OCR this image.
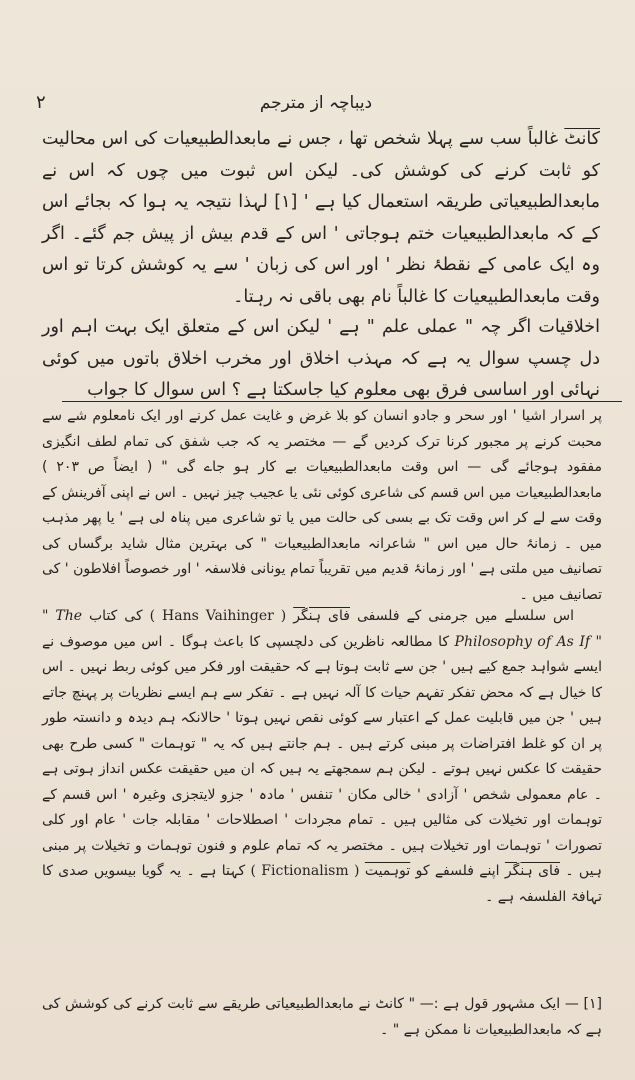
۲	دیباچہ از مترجم
کانٹ غالباً سب سے پہلا شخص تھا ، جس نے مابعدالطبیعیات کی اس محالیت کو ثابت کرنے کی کوشش کی۔ لیکن اس ثبوت میں چوں کہ اس نے مابعدالطبیعیاتی طریقہ استعمال کیا ہے ' [۱] لہذا نتیجہ یہ ہوا کہ بجائے اس کے کہ مابعدالطبیعیات ختم ہوجاتی ' اس کے قدم بیش از پیش جم گئے۔ اگر وہ ایک عامی کے نقطۂ نظر ' اور اس کی زبان ' سے یہ کوشش کرتا تو اس وقت مابعدالطبیعیات کا غالباً نام بھی باقی نہ رہتا۔
اخلاقیات اگر چہ " عملی علم " ہے ' لیکن اس کے متعلق ایک بہت اہم اور دل چسپ سوال یہ ہے کہ مہذب اخلاق اور مخرب اخلاق باتوں میں کوئی نہائی اور اساسی فرق بھی معلوم کیا جاسکتا ہے ؟ اس سوال کا جواب
پر اسرار اشیا ' اور سحر و جادو انسان کو بلا غرض و غایت عمل کرنے اور ایک نامعلوم شے سے محبت کرنے پر مجبور کرنا ترک کردیں گے — مختصر یہ کہ جب شفق کی تمام لطف انگیزی مفقود ہوجائے گی — اس وقت مابعدالطبیعیات بے کار ہو جاے گی " ( ایضاً ص ۲۰۳ ) مابعدالطبیعیات میں اس قسم کی شاعری کوئی نئی یا عجیب چیز نہیں ۔ اس نے اپنی آفرینش کے وقت سے لے کر اس وقت تک بے بسی کی حالت میں یا تو شاعری میں پناہ لی ہے ' یا پھر مذہب میں ۔ زمانۂ حال میں اس " شاعرانہ مابعدالطبیعیات " کی بہترین مثال شاید برگساں کی تصانیف میں ملتی ہے ' اور زمانۂ قدیم میں تقریباً تمام یونانی فلاسفہ ' اور خصوصاً افلاطون ' کی تصانیف میں ۔
اس سلسلے میں جرمنی کے فلسفی فای ہنگر ( Hans Vaihinger ) کی کتاب " The Philosophy of As If " کا مطالعہ ناظرین کی دلچسپی کا باعث ہوگا ۔ اس میں موصوف نے ایسے شواہد جمع کیے ہیں ' جن سے ثابت ہوتا ہے کہ حقیقت اور فکر میں کوئی ربط نہیں ۔ اس کا خیال ہے کہ محض تفکر تفہم حیات کا آلہ نہیں ہے ۔ تفکر سے ہم ایسے نظریات پر پہنچ جاتے ہیں ' جن میں قابلیت عمل کے اعتبار سے کوئی نقص نہیں ہوتا ' حالانکہ ہم دیدہ و دانستہ طور پر ان کو غلط افتراضات پر مبنی کرتے ہیں ۔ ہم جانتے ہیں کہ یہ " توہمات " کسی طرح بھی حقیقت کا عکس نہیں ہوتے ۔ لیکن ہم سمجھتے یہ ہیں کہ ان میں حقیقت عکس انداز ہوتی ہے ۔ عام معمولی شخص ' آزادی ' خالی مکان ' تنفس ' مادہ ' جزو لایتجزی وغیرہ ' اس قسم کے توہمات اور تخیلات کی مثالیں ہیں ۔ تمام مجردات ' اصطلاحات ' مقابلہ جات ' عام اور کلی تصورات ' توہمات اور تخیلات ہیں ۔ مختصر یہ کہ تمام علوم و فنون توہمات و تخیلات پر مبنی ہیں ۔ فای ہنگر اپنے فلسفے کو توہمیت ( Fictionalism ) کہتا ہے ۔ یہ گویا بیسویں صدی کا تہافۃ الفلسفہ ہے ۔
[۱] — ایک مشہور قول ہے :— " کانٹ نے مابعدالطبیعیاتی طریقے سے ثابت کرنے کی کوشش کی ہے کہ مابعدالطبیعیات نا ممکن ہے " ۔
